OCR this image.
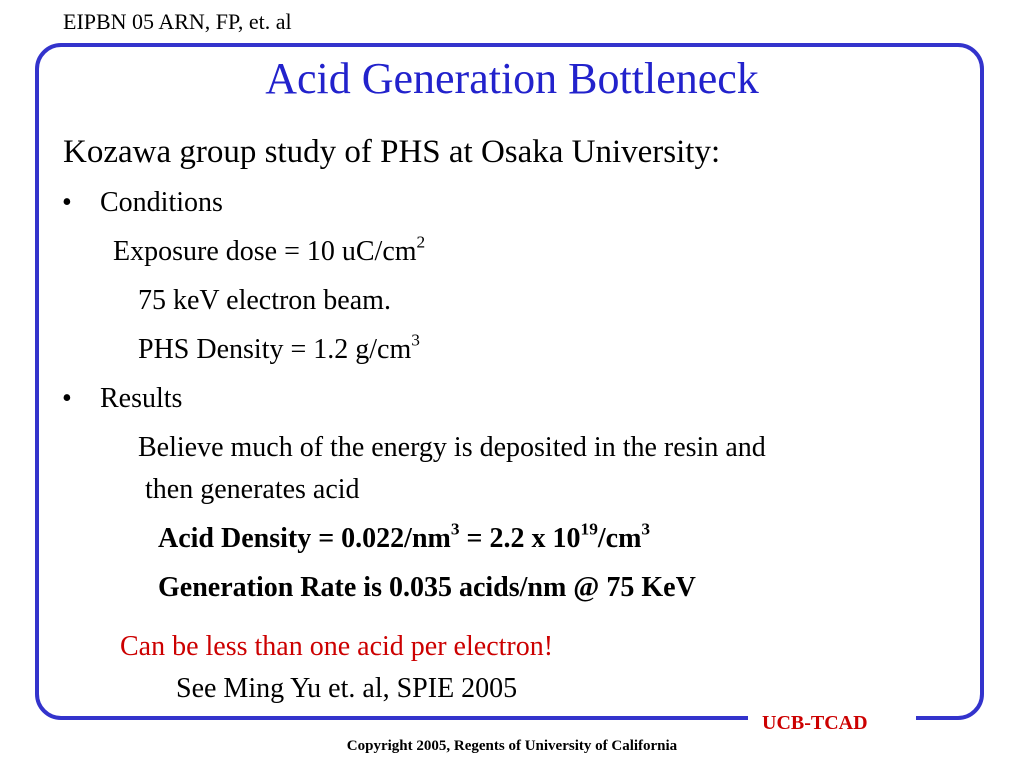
EIPBN 05 ARN, FP, et. al
UCB-TCAD
Acid Generation Bottleneck
Kozawa group study of PHS at Osaka University:
• Conditions
Exposure dose = 10 $uC/cm^2$
75 keV electron beam.
PHS Density = 1.2 $g/cm^3$
• Results
Believe much of the energy is deposited in the resin and
then generates acid
Acid Density = $0.022/nm^3 = 2.2$ x $10^{19}/cm^3$
Generation Rate is 0.035 acids/nm @ 75 KeV
Can be less than one acid per electron!
See Ming Yu et. al, SPIE 2005
Copyright 2005, Regents of University of California
